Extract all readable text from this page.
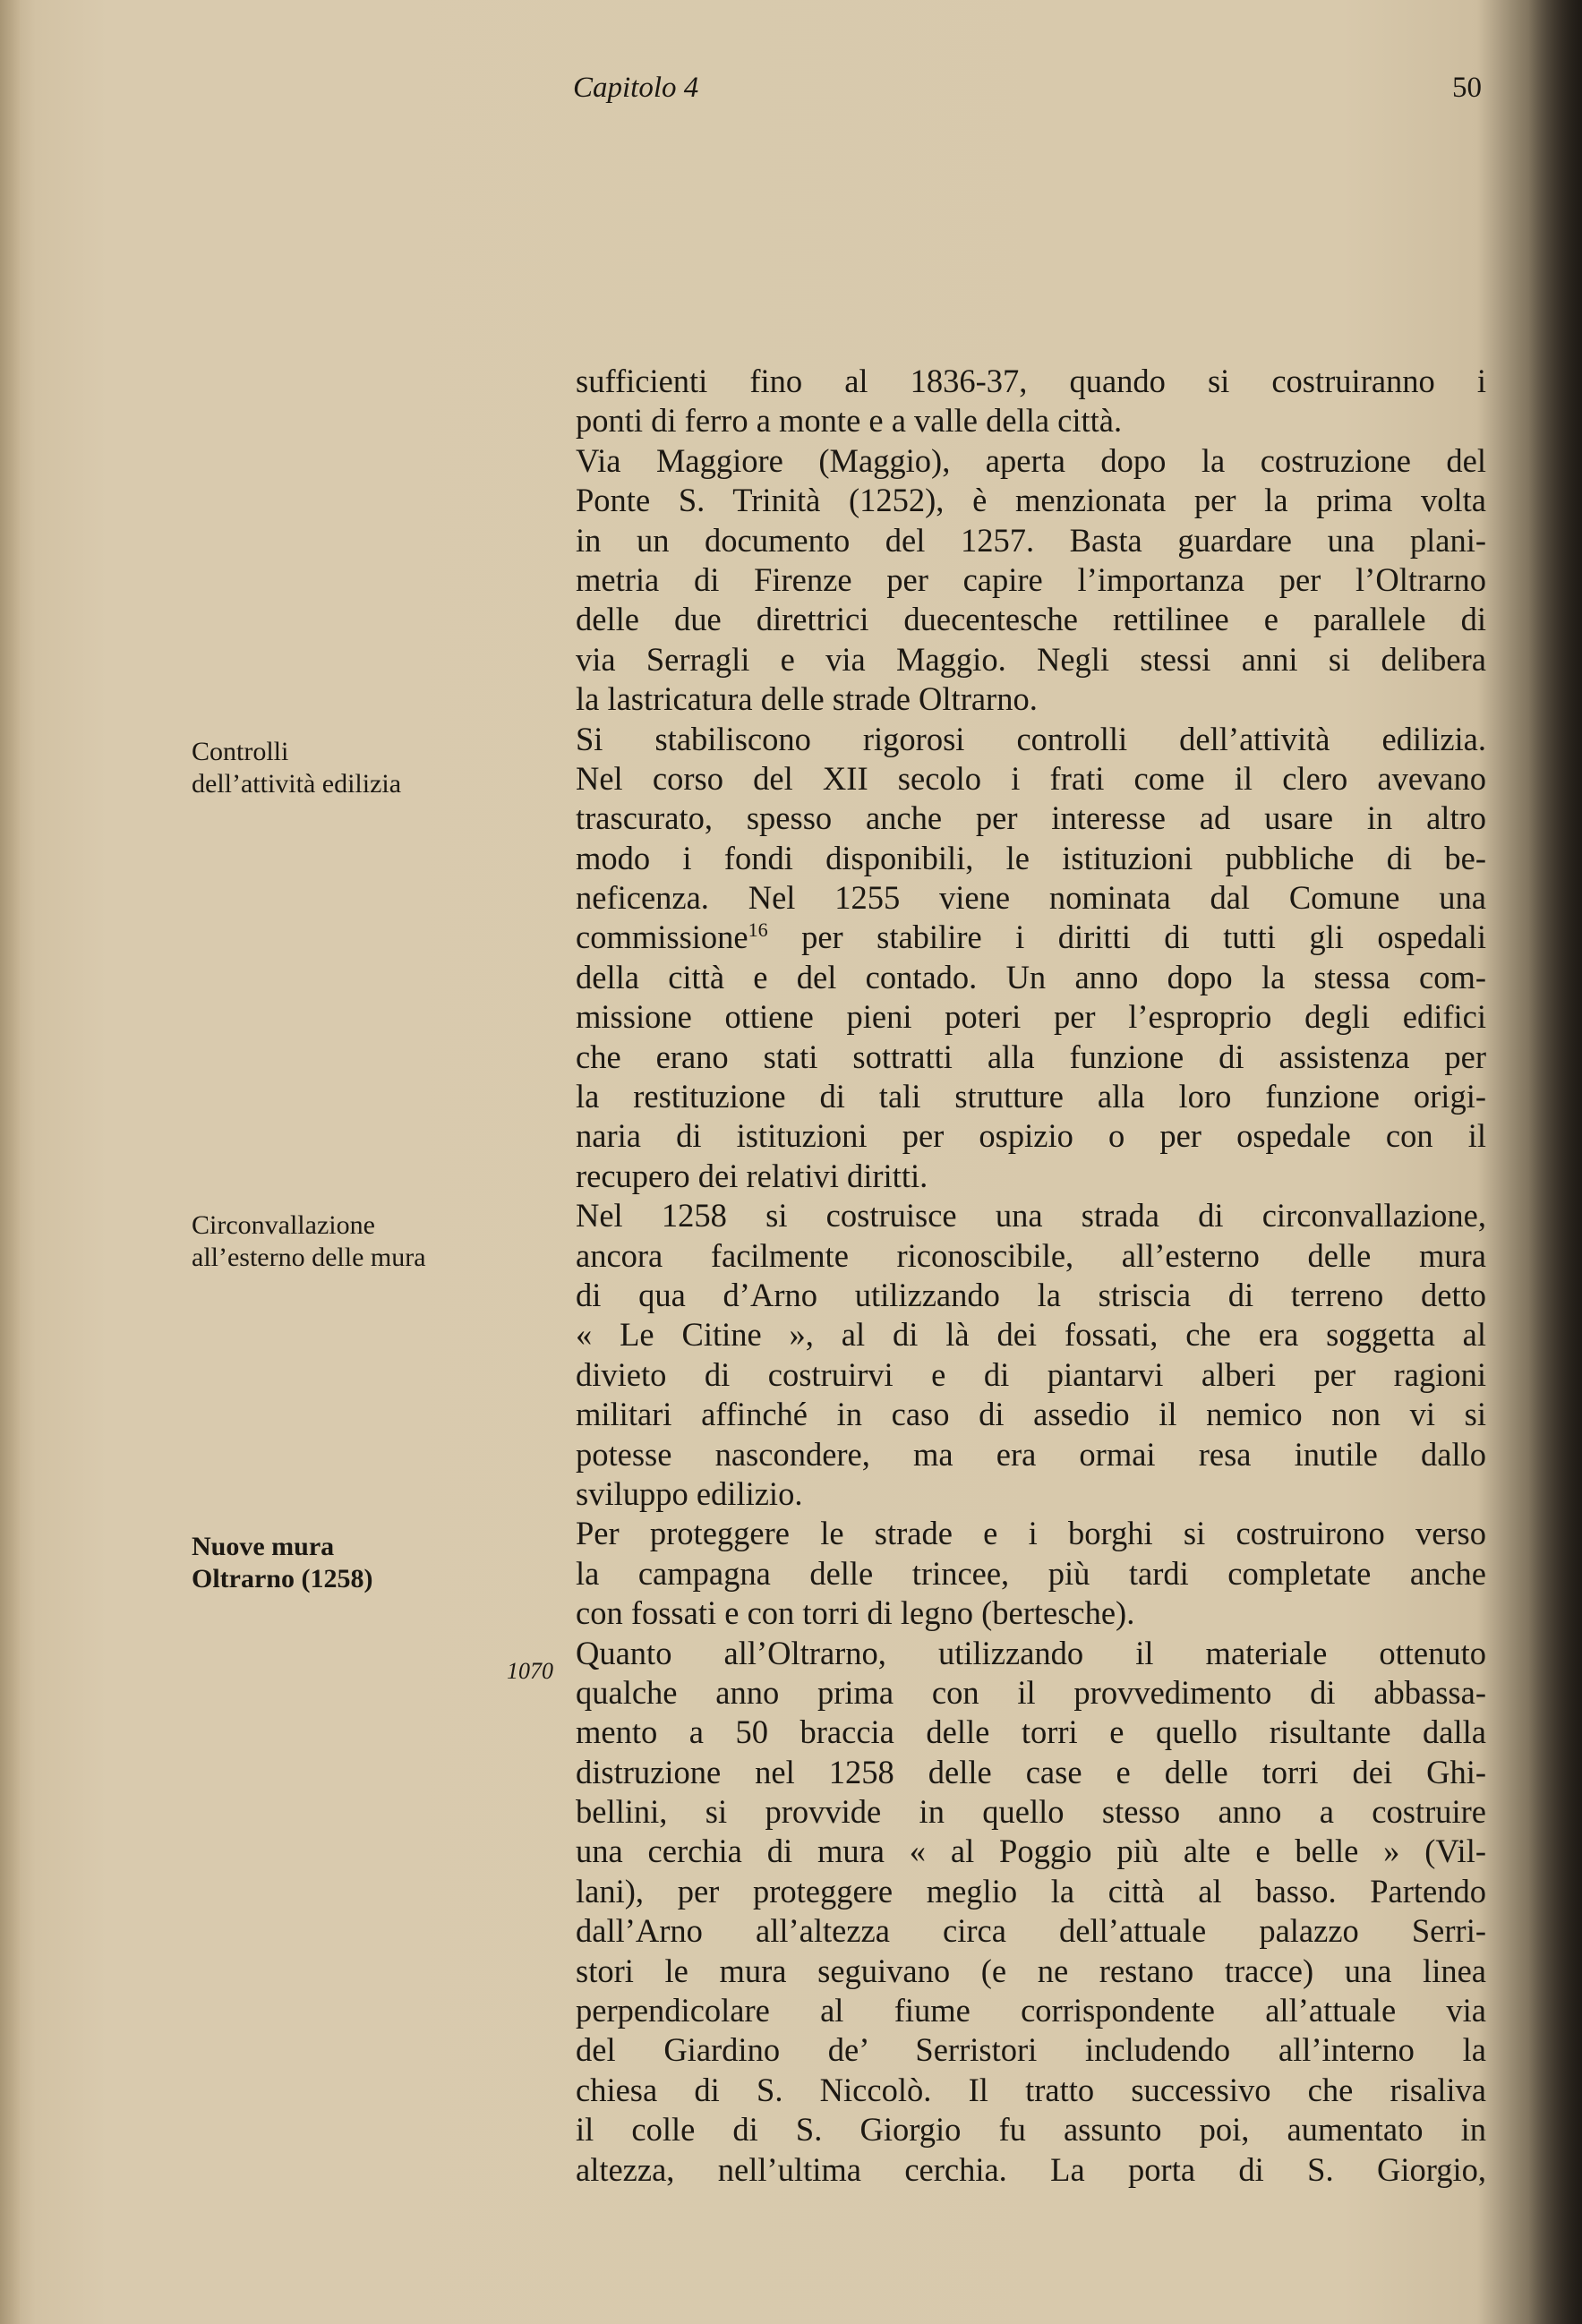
Capitolo 4	50
Controlli
dell’attività edilizia
Circonvallazione
all’esterno delle mura
Nuove mura
Oltrarno (1258)
1070
sufficienti fino al 1836-37, quando si costruiranno i
ponti di ferro a monte e a valle della città.
Via Maggiore (Maggio), aperta dopo la costruzione del
Ponte S. Trinità (1252), è menzionata per la prima volta
in un documento del 1257. Basta guardare una plani-
metria di Firenze per capire l’importanza per l’Oltrarno
delle due direttrici duecentesche rettilinee e parallele di
via Serragli e via Maggio. Negli stessi anni si delibera
la lastricatura delle strade Oltrarno.
Si stabiliscono rigorosi controlli dell’attività edilizia.
Nel corso del XII secolo i frati come il clero avevano
trascurato, spesso anche per interesse ad usare in altro
modo i fondi disponibili, le istituzioni pubbliche di be-
neficenza. Nel 1255 viene nominata dal Comune una
commissione$^{16}$ per stabilire i diritti di tutti gli ospedali
della città e del contado. Un anno dopo la stessa com-
missione ottiene pieni poteri per l’esproprio degli edifici
che erano stati sottratti alla funzione di assistenza per
la restituzione di tali strutture alla loro funzione origi-
naria di istituzioni per ospizio o per ospedale con il
recupero dei relativi diritti.
Nel 1258 si costruisce una strada di circonvallazione,
ancora facilmente riconoscibile, all’esterno delle mura
di qua d’Arno utilizzando la striscia di terreno detto
« Le Citine », al di là dei fossati, che era soggetta al
divieto di costruirvi e di piantarvi alberi per ragioni
militari affinché in caso di assedio il nemico non vi si
potesse nascondere, ma era ormai resa inutile dallo
sviluppo edilizio.
Per proteggere le strade e i borghi si costruirono verso
la campagna delle trincee, più tardi completate anche
con fossati e con torri di legno (bertesche).
Quanto all’Oltrarno, utilizzando il materiale ottenuto
qualche anno prima con il provvedimento di abbassa-
mento a 50 braccia delle torri e quello risultante dalla
distruzione nel 1258 delle case e delle torri dei Ghi-
bellini, si provvide in quello stesso anno a costruire
una cerchia di mura « al Poggio più alte e belle » (Vil-
lani), per proteggere meglio la città al basso. Partendo
dall’Arno all’altezza circa dell’attuale palazzo Serri-
stori le mura seguivano (e ne restano tracce) una linea
perpendicolare al fiume corrispondente all’attuale via
del Giardino de’ Serristori includendo all’interno la
chiesa di S. Niccolò. Il tratto successivo che risaliva
il colle di S. Giorgio fu assunto poi, aumentato in
altezza, nell’ultima cerchia. La porta di S. Giorgio,
